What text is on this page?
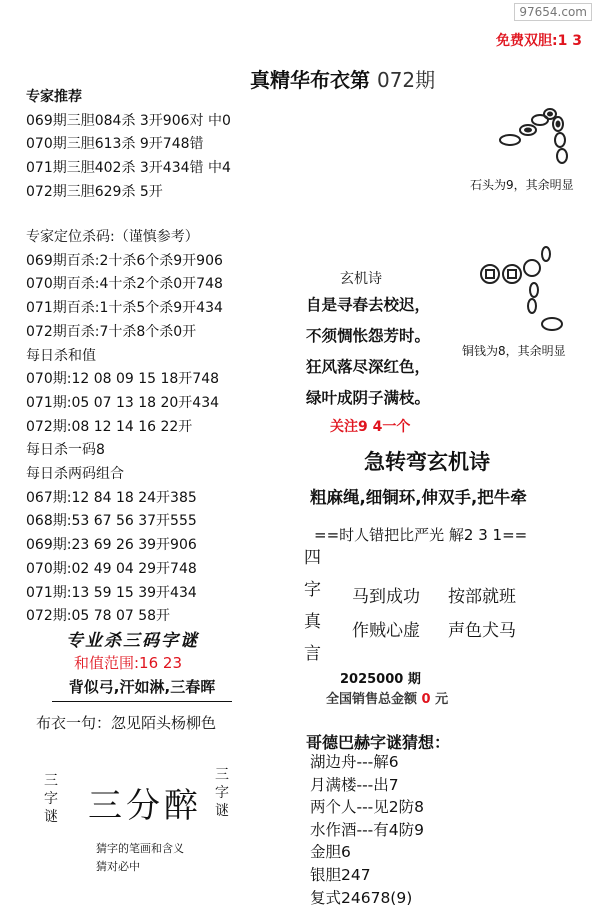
97654.com
免费双胆:1 3
真精华布衣第 072期
专家推荐
069期三胆084杀 3开906对 中0
070期三胆613杀 9开748错
071期三胆402杀 3开434错 中4
072期三胆629杀 5开
专家定位杀码:（谨慎参考）
069期百杀:2十杀6个杀9开906
070期百杀:4十杀2个杀0开748
071期百杀:1十杀5个杀9开434
072期百杀:7十杀8个杀0开
每日杀和值
070期:12 08 09 15 18开748
071期:05 07 13 18 20开434
072期:08 12 14 16 22开
每日杀一码8
每日杀两码组合
067期:12 84 18 24开385
068期:53 67 56 37开555
069期:23 69 26 39开906
070期:02 49 04 29开748
071期:13 59 15 39开434
072期:05 78 07 58开
专业杀三码字谜
和值范围:16 23
背似弓,汗如淋,三春晖
布衣一句：忽见陌头杨柳色
三字谜 三分醉
三字谜
猜字的笔画和含义
猜对必中
石头为9，其余明显
铜钱为8，其余明显
玄机诗
自是寻春去校迟，
不须惆怅怨芳时。
狂风落尽深红色，
绿叶成阴子满枝。
关注9 4一个
急转弯玄机诗
粗麻绳,细铜环,伸双手,把牛牵
==时人错把比严光 解2 3 1==
四
字
真
言
马到成功 按部就班
作贼心虚 声色犬马
2025000 期
全国销售总金额 0 元
哥德巴赫字谜猜想：
湖边舟---解6
月满楼---出7
两个人---见2防8
水作酒---有4防9
金胆6
银胆247
复式24678(9)
